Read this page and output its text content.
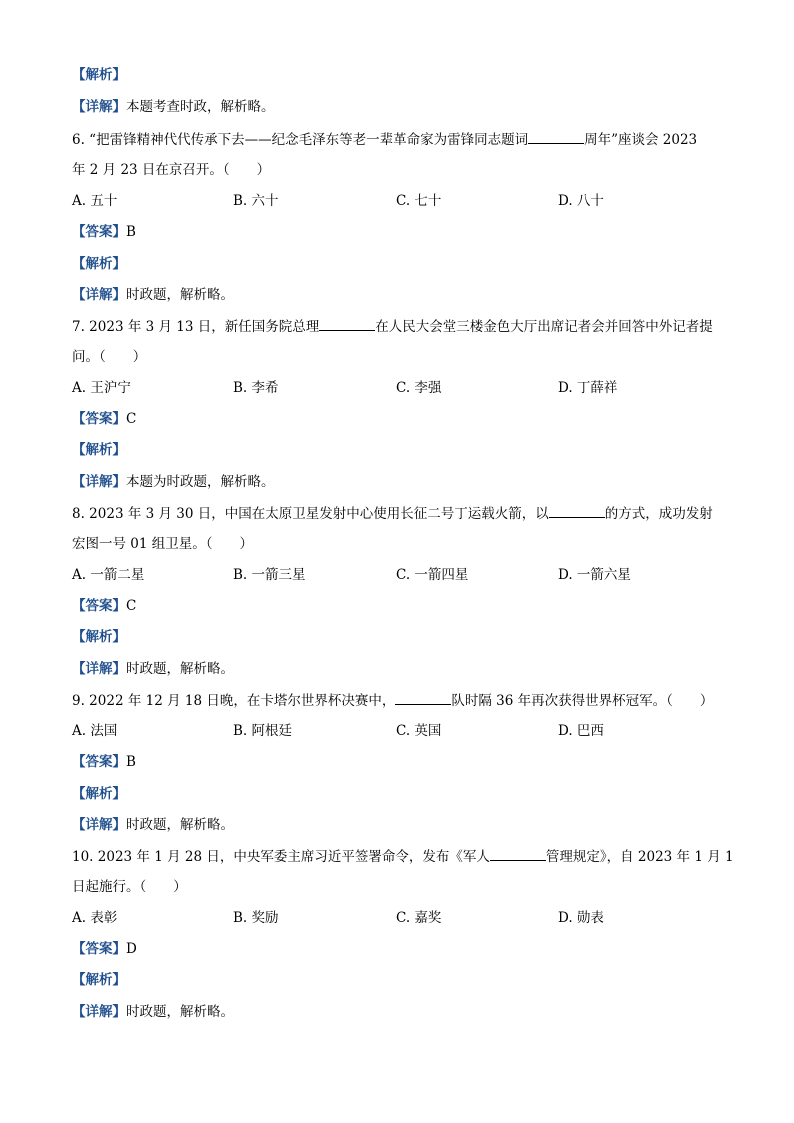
【解析】
【详解】本题考查时政，解析略。
6. “把雷锋精神代代传承下去——纪念毛泽东等老一辈革命家为雷锋同志题词	周年”座谈会 2023
年 2 月 23 日在京召开。（　　）
A. 五十	B. 六十	C. 七十	D. 八十
【答案】B
【解析】
【详解】时政题，解析略。
7. 2023 年 3 月 13 日，新任国务院总理	在人民大会堂三楼金色大厅出席记者会并回答中外记者提
问。（　　）
A. 王沪宁	B. 李希	C. 李强	D. 丁薛祥
【答案】C
【解析】
【详解】本题为时政题，解析略。
8. 2023 年 3 月 30 日，中国在太原卫星发射中心使用长征二号丁运载火箭，以	的方式，成功发射
宏图一号 01 组卫星。（　　）
A. 一箭二星	B. 一箭三星	C. 一箭四星	D. 一箭六星
【答案】C
【解析】
【详解】时政题，解析略。
9. 2022 年 12 月 18 日晚，在卡塔尔世界杯决赛中，	队时隔 36 年再次获得世界杯冠军。（　　）
A. 法国	B. 阿根廷	C. 英国	D. 巴西
【答案】B
【解析】
【详解】时政题，解析略。
10. 2023 年 1 月 28 日，中央军委主席习近平签署命令，发布《军人	管理规定》，自 2023 年 1 月 1
日起施行。（　　）
A. 表彰	B. 奖励	C. 嘉奖	D. 勋表
【答案】D
【解析】
【详解】时政题，解析略。
